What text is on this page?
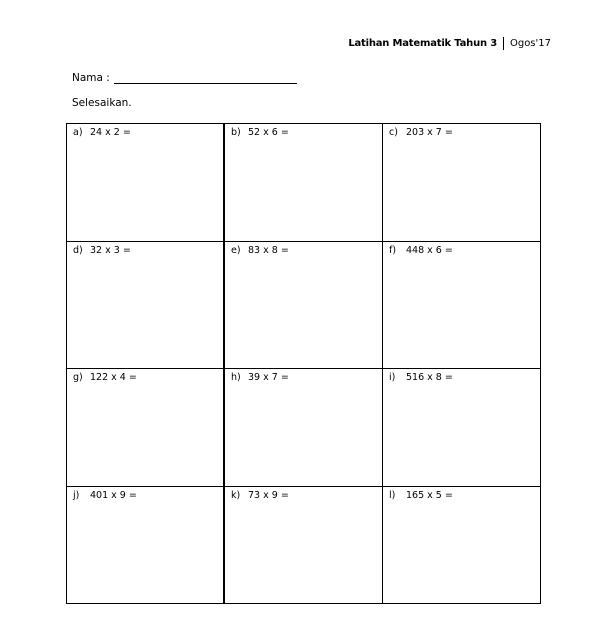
Latihan Matematik Tahun 3 Ogos'17
Nama :
Selesaikan.
a) 24 x 2 =	b) 52 x 6 =	c) 203 x 7 =
d) 32 x 3 =	e) 83 x 8 =	f)	448 x 6 =
g) 122 x 4 =	h) 39 x 7 =	i)	516 x 8 =
j)	401 x 9 =	k) 73 x 9 =	l)	165 x 5 =
